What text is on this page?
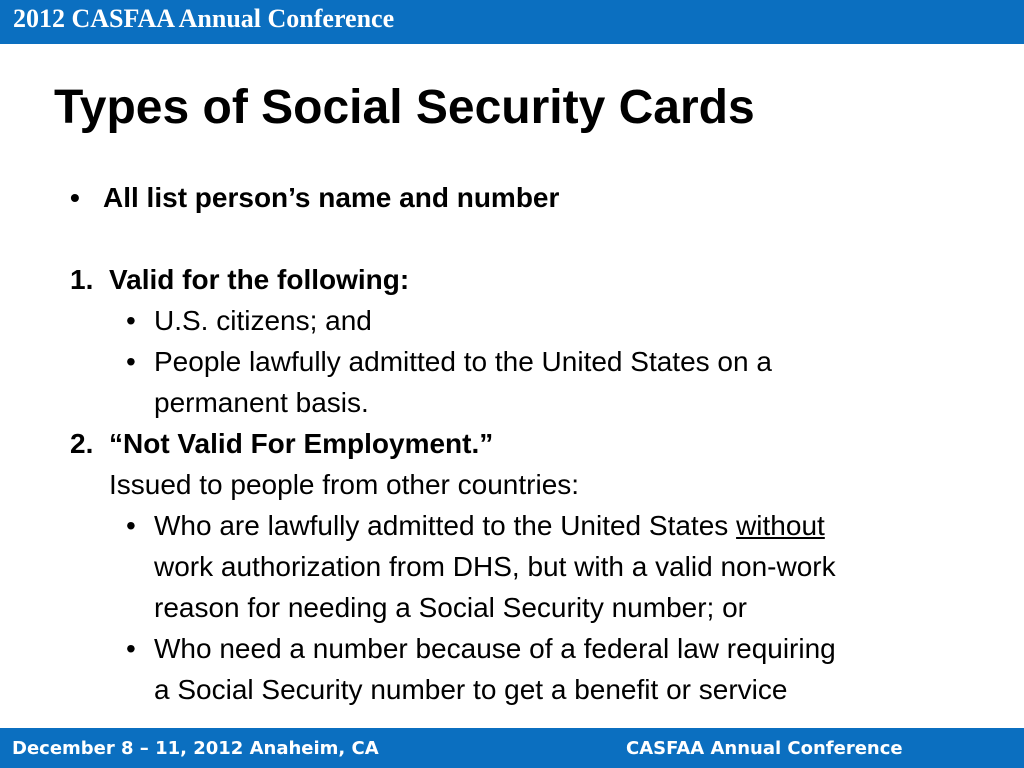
2012 CASFAA Annual Conference
Types of Social Security Cards
• All list person’s name and number
1. Valid for the following:
• U.S. citizens; and
• People lawfully admitted to the United States on a
permanent basis.
2. “Not Valid For Employment.”
Issued to people from other countries:
• Who are lawfully admitted to the United States without
work authorization from DHS, but with a valid non-work
reason for needing a Social Security number; or
• Who need a number because of a federal law requiring
a Social Security number to get a benefit or service
December 8 – 11, 2012 Anaheim, CA	CASFAA Annual Conference
